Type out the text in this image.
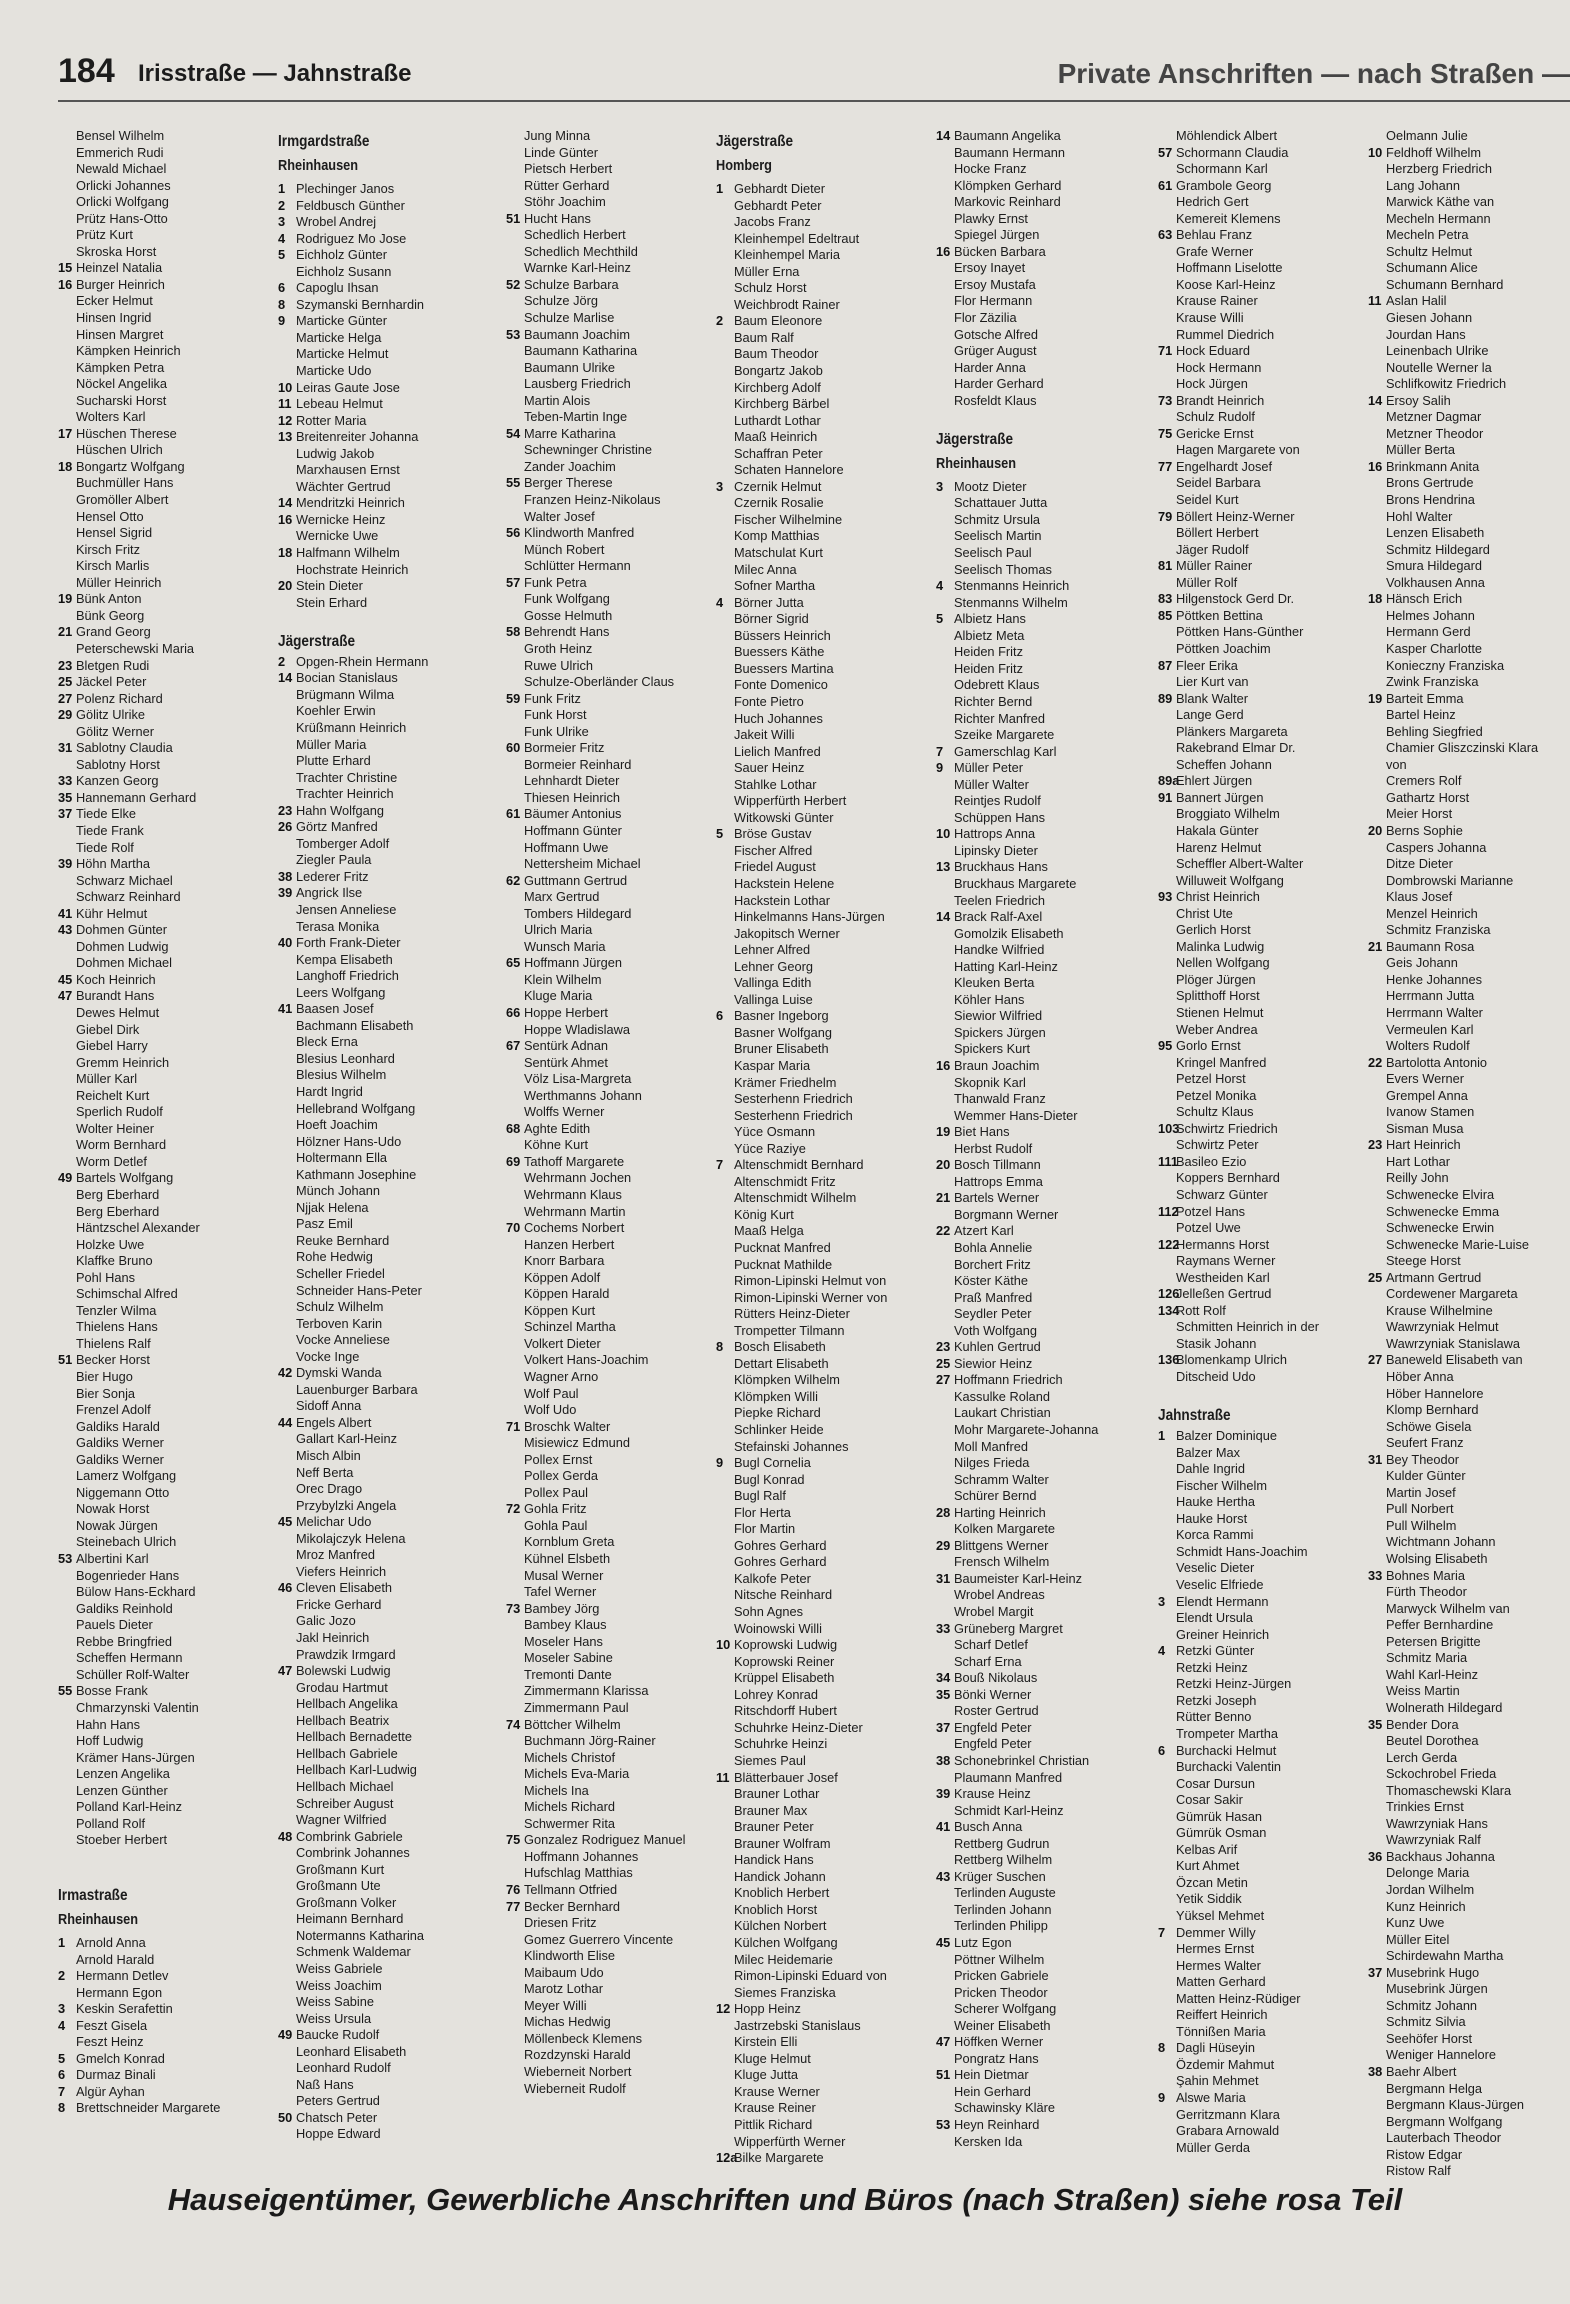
184 Irisstraße — Jahnstraße	Private Anschriften — nach Straßen —
Bensel Wilhelm
Emmerich Rudi
Newald Michael
Orlicki Johannes
Orlicki Wolfgang
Prütz Hans-Otto
Prütz Kurt
Skroska Horst
15 Heinzel Natalia
16 Burger Heinrich
Ecker Helmut
Hinsen Ingrid
Hinsen Margret
Kämpken Heinrich
Kämpken Petra
Nöckel Angelika
Sucharski Horst
Wolters Karl
17 Hüschen Therese
Hüschen Ulrich
18 Bongartz Wolfgang
Buchmüller Hans
Gromöller Albert
Hensel Otto
Hensel Sigrid
Kirsch Fritz
Kirsch Marlis
Müller Heinrich
19 Bünk Anton
Bünk Georg
21 Grand Georg
Peterschewski Maria
23 Bletgen Rudi
25 Jäckel Peter
27 Polenz Richard
29 Gölitz Ulrike
Gölitz Werner
31 Sablotny Claudia
Sablotny Horst
33 Kanzen Georg
35 Hannemann Gerhard
37 Tiede Elke
Tiede Frank
Tiede Rolf
39 Höhn Martha
Schwarz Michael
Schwarz Reinhard
41 Kühr Helmut
43 Dohmen Günter
Dohmen Ludwig
Dohmen Michael
45 Koch Heinrich
47 Burandt Hans
Dewes Helmut
Giebel Dirk
Giebel Harry
Gremm Heinrich
Müller Karl
Reichelt Kurt
Sperlich Rudolf
Wolter Heiner
Worm Bernhard
Worm Detlef
49 Bartels Wolfgang
Berg Eberhard
Berg Eberhard
Häntzschel Alexander
Holzke Uwe
Klaffke Bruno
Pohl Hans
Schimschal Alfred
Tenzler Wilma
Thielens Hans
Thielens Ralf
51 Becker Horst
Bier Hugo
Bier Sonja
Frenzel Adolf
Galdiks Harald
Galdiks Werner
Galdiks Werner
Lamerz Wolfgang
Niggemann Otto
Nowak Horst
Nowak Jürgen
Steinebach Ulrich
53 Albertini Karl
Bogenrieder Hans
Bülow Hans-Eckhard
Galdiks Reinhold
Pauels Dieter
Rebbe Bringfried
Scheffen Hermann
Schüller Rolf-Walter
55 Bosse Frank
Chmarzynski Valentin
Hahn Hans
Hoff Ludwig
Krämer Hans-Jürgen
Lenzen Angelika
Lenzen Günther
Polland Karl-Heinz
Polland Rolf
Stoeber Herbert
Irmastraße
Rheinhausen
1 Arnold Anna
Arnold Harald
2 Hermann Detlev
Hermann Egon
3 Keskin Serafettin
4 Feszt Gisela
Feszt Heinz
5 Gmelch Konrad
6 Durmaz Binali
7 Algür Ayhan
8 Brettschneider Margarete
Irmgardstraße
Rheinhausen
1 Plechinger Janos
2 Feldbusch Günther
3 Wrobel Andrej
4 Rodriguez Mo Jose
5 Eichholz Günter
Eichholz Susann
6 Capoglu Ihsan
8 Szymanski Bernhardin
9 Marticke Günter
Marticke Helga
Marticke Helmut
Marticke Udo
10 Leiras Gaute Jose
11 Lebeau Helmut
12 Rotter Maria
13 Breitenreiter Johanna
Ludwig Jakob
Marxhausen Ernst
Wächter Gertrud
14 Mendritzki Heinrich
16 Wernicke Heinz
Wernicke Uwe
18 Halfmann Wilhelm
Hochstrate Heinrich
20 Stein Dieter
Stein Erhard
Jägerstraße
2 Opgen-Rhein Hermann
14 Bocian Stanislaus
Brügmann Wilma
Koehler Erwin
Krüßmann Heinrich
Müller Maria
Plutte Erhard
Trachter Christine
Trachter Heinrich
23 Hahn Wolfgang
26 Görtz Manfred
Tomberger Adolf
Ziegler Paula
38 Lederer Fritz
39 Angrick Ilse
Jensen Anneliese
Terasa Monika
40 Forth Frank-Dieter
Kempa Elisabeth
Langhoff Friedrich
Leers Wolfgang
41 Baasen Josef
Bachmann Elisabeth
Bleck Erna
Blesius Leonhard
Blesius Wilhelm
Hardt Ingrid
Hellebrand Wolfgang
Hoeft Joachim
Hölzner Hans-Udo
Holtermann Ella
Kathmann Josephine
Münch Johann
Njjak Helena
Pasz Emil
Reuke Bernhard
Rohe Hedwig
Scheller Friedel
Schneider Hans-Peter
Schulz Wilhelm
Terboven Karin
Vocke Anneliese
Vocke Inge
42 Dymski Wanda
Lauenburger Barbara
Sidoff Anna
44 Engels Albert
Gallart Karl-Heinz
Misch Albin
Neff Berta
Orec Drago
Przybylzki Angela
45 Melichar Udo
Mikolajczyk Helena
Mroz Manfred
Viefers Heinrich
46 Cleven Elisabeth
Fricke Gerhard
Galic Jozo
Jakl Heinrich
Prawdzik Irmgard
47 Bolewski Ludwig
Grodau Hartmut
Hellbach Angelika
Hellbach Beatrix
Hellbach Bernadette
Hellbach Gabriele
Hellbach Karl-Ludwig
Hellbach Michael
Schreiber August
Wagner Wilfried
48 Combrink Gabriele
Combrink Johannes
Großmann Kurt
Großmann Ute
Großmann Volker
Heimann Bernhard
Notermanns Katharina
Schmenk Waldemar
Weiss Gabriele
Weiss Joachim
Weiss Sabine
Weiss Ursula
49 Baucke Rudolf
Leonhard Elisabeth
Leonhard Rudolf
Naß Hans
Peters Gertrud
50 Chatsch Peter
Hoppe Edward
Jung Minna
Linde Günter
Pietsch Herbert
Rütter Gerhard
Stöhr Joachim
51 Hucht Hans
Schedlich Herbert
Schedlich Mechthild
Warnke Karl-Heinz
52 Schulze Barbara
Schulze Jörg
Schulze Marlise
53 Baumann Joachim
Baumann Katharina
Baumann Ulrike
Lausberg Friedrich
Martin Alois
Teben-Martin Inge
54 Marre Katharina
Schewninger Christine
Zander Joachim
55 Berger Therese
Franzen Heinz-Nikolaus
Walter Josef
56 Klindworth Manfred
Münch Robert
Schlütter Hermann
57 Funk Petra
Funk Wolfgang
Gosse Helmuth
58 Behrendt Hans
Groth Heinz
Ruwe Ulrich
Schulze-Oberländer Claus
59 Funk Fritz
Funk Horst
Funk Ulrike
60 Bormeier Fritz
Bormeier Reinhard
Lehnhardt Dieter
Thiesen Heinrich
61 Bäumer Antonius
Hoffmann Günter
Hoffmann Uwe
Nettersheim Michael
62 Guttmann Gertrud
Marx Gertrud
Tombers Hildegard
Ulrich Maria
Wunsch Maria
65 Hoffmann Jürgen
Klein Wilhelm
Kluge Maria
66 Hoppe Herbert
Hoppe Wladislawa
67 Sentürk Adnan
Sentürk Ahmet
Völz Lisa-Margreta
Werthmanns Johann
Wolffs Werner
68 Aghte Edith
Köhne Kurt
69 Tathoff Margarete
Wehrmann Jochen
Wehrmann Klaus
Wehrmann Martin
70 Cochems Norbert
Hanzen Herbert
Knorr Barbara
Köppen Adolf
Köppen Harald
Köppen Kurt
Schinzel Martha
Volkert Dieter
Volkert Hans-Joachim
Wagner Arno
Wolf Paul
Wolf Udo
71 Broschk Walter
Misiewicz Edmund
Pollex Ernst
Pollex Gerda
Pollex Paul
72 Gohla Fritz
Gohla Paul
Kornblum Greta
Kühnel Elsbeth
Musal Werner
Tafel Werner
73 Bambey Jörg
Bambey Klaus
Moseler Hans
Moseler Sabine
Tremonti Dante
Zimmermann Klarissa
Zimmermann Paul
74 Böttcher Wilhelm
Buchmann Jörg-Rainer
Michels Christof
Michels Eva-Maria
Michels Ina
Michels Richard
Schwermer Rita
75 Gonzalez Rodriguez Manuel
Hoffmann Johannes
Hufschlag Matthias
76 Tellmann Otfried
77 Becker Bernhard
Driesen Fritz
Gomez Guerrero Vincente
Klindworth Elise
Maibaum Udo
Marotz Lothar
Meyer Willi
Michas Hedwig
Möllenbeck Klemens
Rozdzynski Harald
Wieberneit Norbert
Wieberneit Rudolf
Jägerstraße
Homberg
1 Gebhardt Dieter
Gebhardt Peter
Jacobs Franz
Kleinhempel Edeltraut
Kleinhempel Maria
Müller Erna
Schulz Horst
Weichbrodt Rainer
2 Baum Eleonore
Baum Ralf
Baum Theodor
Bongartz Jakob
Kirchberg Adolf
Kirchberg Bärbel
Luthardt Lothar
Maaß Heinrich
Schaffran Peter
Schaten Hannelore
3 Czernik Helmut
Czernik Rosalie
Fischer Wilhelmine
Komp Matthias
Matschulat Kurt
Milec Anna
Sofner Martha
4 Börner Jutta
Börner Sigrid
Büssers Heinrich
Buessers Käthe
Buessers Martina
Fonte Domenico
Fonte Pietro
Huch Johannes
Jakeit Willi
Lielich Manfred
Sauer Heinz
Stahlke Lothar
Wipperfürth Herbert
Witkowski Günter
5 Bröse Gustav
Fischer Alfred
Friedel August
Hackstein Helene
Hackstein Lothar
Hinkelmanns Hans-Jürgen
Jakopitsch Werner
Lehner Alfred
Lehner Georg
Vallinga Edith
Vallinga Luise
6 Basner Ingeborg
Basner Wolfgang
Bruner Elisabeth
Kaspar Maria
Krämer Friedhelm
Sesterhenn Friedrich
Sesterhenn Friedrich
Yüce Osmann
Yüce Raziye
7 Altenschmidt Bernhard
Altenschmidt Fritz
Altenschmidt Wilhelm
König Kurt
Maaß Helga
Pucknat Manfred
Pucknat Mathilde
Rimon-Lipinski Helmut von
Rimon-Lipinski Werner von
Rütters Heinz-Dieter
Trompetter Tilmann
8 Bosch Elisabeth
Dettart Elisabeth
Klömpken Wilhelm
Klömpken Willi
Piepke Richard
Schlinker Heide
Stefainski Johannes
9 Bugl Cornelia
Bugl Konrad
Bugl Ralf
Flor Herta
Flor Martin
Gohres Gerhard
Gohres Gerhard
Kalkofe Peter
Nitsche Reinhard
Sohn Agnes
Woinowski Willi
10 Koprowski Ludwig
Koprowski Reiner
Krüppel Elisabeth
Lohrey Konrad
Ritschdorff Hubert
Schuhrke Heinz-Dieter
Schuhrke Heinzi
Siemes Paul
11 Blätterbauer Josef
Brauner Lothar
Brauner Max
Brauner Peter
Brauner Wolfram
Handick Hans
Handick Johann
Knoblich Herbert
Knoblich Horst
Külchen Norbert
Külchen Wolfgang
Milec Heidemarie
Rimon-Lipinski Eduard von
Siemes Franziska
12 Hopp Heinz
Jastrzebski Stanislaus
Kirstein Elli
Kluge Helmut
Kluge Jutta
Krause Werner
Krause Reiner
Pittlik Richard
Wipperfürth Werner
12a
Bilke Margarete
14 Baumann Angelika
Baumann Hermann
Hocke Franz
Klömpken Gerhard
Markovic Reinhard
Plawky Ernst
Spiegel Jürgen
16 Bücken Barbara
Ersoy Inayet
Ersoy Mustafa
Flor Hermann
Flor Zäzilia
Gotsche Alfred
Grüger August
Harder Anna
Harder Gerhard
Rosfeldt Klaus
Jägerstraße
Rheinhausen
3 Mootz Dieter
Schattauer Jutta
Schmitz Ursula
Seelisch Martin
Seelisch Paul
Seelisch Thomas
4 Stenmanns Heinrich
Stenmanns Wilhelm
5 Albietz Hans
Albietz Meta
Heiden Fritz
Heiden Fritz
Odebrett Klaus
Richter Bernd
Richter Manfred
Szeike Margarete
7 Gamerschlag Karl
9 Müller Peter
Müller Walter
Reintjes Rudolf
Schüppen Hans
10 Hattrops Anna
Lipinsky Dieter
13 Bruckhaus Hans
Bruckhaus Margarete
Teelen Friedrich
14 Brack Ralf-Axel
Gomolzik Elisabeth
Handke Wilfried
Hatting Karl-Heinz
Kleuken Berta
Köhler Hans
Siewior Wilfried
Spickers Jürgen
Spickers Kurt
16 Braun Joachim
Skopnik Karl
Thanwald Franz
Wemmer Hans-Dieter
19 Biet Hans
Herbst Rudolf
20 Bosch Tillmann
Hattrops Emma
21 Bartels Werner
Borgmann Werner
22 Atzert Karl
Bohla Annelie
Borchert Fritz
Köster Käthe
Praß Manfred
Seydler Peter
Voth Wolfgang
23 Kuhlen Gertrud
25 Siewior Heinz
27 Hoffmann Friedrich
Kassulke Roland
Laukart Christian
Mohr Margarete-Johanna
Moll Manfred
Nilges Frieda
Schramm Walter
Schürer Bernd
28 Harting Heinrich
Kolken Margarete
29 Blittgens Werner
Frensch Wilhelm
31 Baumeister Karl-Heinz
Wrobel Andreas
Wrobel Margit
33 Grüneberg Margret
Scharf Detlef
Scharf Erna
34 Bouß Nikolaus
35 Bönki Werner
Roster Gertrud
37 Engfeld Peter
Engfeld Peter
38 Schonebrinkel Christian
Plaumann Manfred
39 Krause Heinz
Schmidt Karl-Heinz
41 Busch Anna
Rettberg Gudrun
Rettberg Wilhelm
43 Krüger Suschen
Terlinden Auguste
Terlinden Johann
Terlinden Philipp
45 Lutz Egon
Pöttner Wilhelm
Pricken Gabriele
Pricken Theodor
Scherer Wolfgang
Weiner Elisabeth
47 Höffken Werner
Pongratz Hans
51 Hein Dietmar
Hein Gerhard
Schawinsky Kläre
53 Heyn Reinhard
Kersken Ida
Möhlendick Albert
57 Schormann Claudia
Schormann Karl
61 Grambole Georg
Hedrich Gert
Kemereit Klemens
63 Behlau Franz
Grafe Werner
Hoffmann Liselotte
Koose Karl-Heinz
Krause Rainer
Krause Willi
Rummel Diedrich
71 Hock Eduard
Hock Hermann
Hock Jürgen
73 Brandt Heinrich
Schulz Rudolf
75 Gericke Ernst
Hagen Margarete von
77 Engelhardt Josef
Seidel Barbara
Seidel Kurt
79 Böllert Heinz-Werner
Böllert Herbert
Jäger Rudolf
81 Müller Rainer
Müller Rolf
83 Hilgenstock Gerd Dr.
85 Pöttken Bettina
Pöttken Hans-Günther
Pöttken Joachim
87 Fleer Erika
Lier Kurt van
89 Blank Walter
Lange Gerd
Plänkers Margareta
Rakebrand Elmar Dr.
Scheffen Johann
89a
Ehlert Jürgen
91 Bannert Jürgen
Broggiato Wilhelm
Hakala Günter
Harenz Helmut
Scheffler Albert-Walter
Willuweit Wolfgang
93 Christ Heinrich
Christ Ute
Gerlich Horst
Malinka Ludwig
Nellen Wolfgang
Plöger Jürgen
Splitthoff Horst
Stienen Helmut
Weber Andrea
95 Gorlo Ernst
Kringel Manfred
Petzel Horst
Petzel Monika
Schultz Klaus
103
Schwirtz Friedrich
Schwirtz Peter
111
Basileo Ezio
Koppers Bernhard
Schwarz Günter
112
Potzel Hans
Potzel Uwe
122
Hermanns Horst
Raymans Werner
Westheiden Karl
126
Jelleßen Gertrud
134
Rott Rolf
Schmitten Heinrich in der
Stasik Johann
136
Blomenkamp Ulrich
Ditscheid Udo
Jahnstraße
1 Balzer Dominique
Balzer Max
Dahle Ingrid
Fischer Wilhelm
Hauke Hertha
Hauke Horst
Korca Rammi
Schmidt Hans-Joachim
Veselic Dieter
Veselic Elfriede
3 Elendt Hermann
Elendt Ursula
Greiner Heinrich
4 Retzki Günter
Retzki Heinz
Retzki Heinz-Jürgen
Retzki Joseph
Rütter Benno
Trompeter Martha
6 Burchacki Helmut
Burchacki Valentin
Cosar Dursun
Cosar Sakir
Gümrük Hasan
Gümrük Osman
Kelbas Arif
Kurt Ahmet
Özcan Metin
Yetik Siddik
Yüksel Mehmet
7 Demmer Willy
Hermes Ernst
Hermes Walter
Matten Gerhard
Matten Heinz-Rüdiger
Reiffert Heinrich
Tönnißen Maria
8 Dagli Hüseyin
Özdemir Mahmut
Şahin Mehmet
9 Alswe Maria
Gerritzmann Klara
Grabara Arnowald
Müller Gerda
Oelmann Julie
10 Feldhoff Wilhelm
Herzberg Friedrich
Lang Johann
Marwick Käthe van
Mecheln Hermann
Mecheln Petra
Schultz Helmut
Schumann Alice
Schumann Bernhard
11 Aslan Halil
Giesen Johann
Jourdan Hans
Leinenbach Ulrike
Noutelle Werner la
Schlifkowitz Friedrich
14 Ersoy Salih
Metzner Dagmar
Metzner Theodor
Müller Berta
16 Brinkmann Anita
Brons Gertrude
Brons Hendrina
Hohl Walter
Lenzen Elisabeth
Schmitz Hildegard
Smura Hildegard
Volkhausen Anna
18 Hänsch Erich
Helmes Johann
Hermann Gerd
Kasper Charlotte
Konieczny Franziska
Zwink Franziska
19 Barteit Emma
Bartel Heinz
Behling Siegfried
Chamier Gliszczinski Klara
von
Cremers Rolf
Gathartz Horst
Meier Horst
20 Berns Sophie
Caspers Johanna
Ditze Dieter
Dombrowski Marianne
Klaus Josef
Menzel Heinrich
Schmitz Franziska
21 Baumann Rosa
Geis Johann
Henke Johannes
Herrmann Jutta
Herrmann Walter
Vermeulen Karl
Wolters Rudolf
22 Bartolotta Antonio
Evers Werner
Grempel Anna
Ivanow Stamen
Sisman Musa
23 Hart Heinrich
Hart Lothar
Reilly John
Schwenecke Elvira
Schwenecke Emma
Schwenecke Erwin
Schwenecke Marie-Luise
Steege Horst
25 Artmann Gertrud
Cordewener Margareta
Krause Wilhelmine
Wawrzyniak Helmut
Wawrzyniak Stanislawa
27 Baneweld Elisabeth van
Höber Anna
Höber Hannelore
Klomp Bernhard
Schöwe Gisela
Seufert Franz
31 Bey Theodor
Kulder Günter
Martin Josef
Pull Norbert
Pull Wilhelm
Wichtmann Johann
Wolsing Elisabeth
33 Bohnes Maria
Fürth Theodor
Marwyck Wilhelm van
Peffer Bernhardine
Petersen Brigitte
Schmitz Maria
Wahl Karl-Heinz
Weiss Martin
Wolnerath Hildegard
35 Bender Dora
Beutel Dorothea
Lerch Gerda
Sckochrobel Frieda
Thomaschewski Klara
Trinkies Ernst
Wawrzyniak Hans
Wawrzyniak Ralf
36 Backhaus Johanna
Delonge Maria
Jordan Wilhelm
Kunz Heinrich
Kunz Uwe
Müller Eitel
Schirdewahn Martha
37 Musebrink Hugo
Musebrink Jürgen
Schmitz Johann
Schmitz Silvia
Seehöfer Horst
Weniger Hannelore
38 Baehr Albert
Bergmann Helga
Bergmann Klaus-Jürgen
Bergmann Wolfgang
Lauterbach Theodor
Ristow Edgar
Ristow Ralf
Hauseigentümer, Gewerbliche Anschriften und Büros (nach Straßen) siehe rosa Teil
